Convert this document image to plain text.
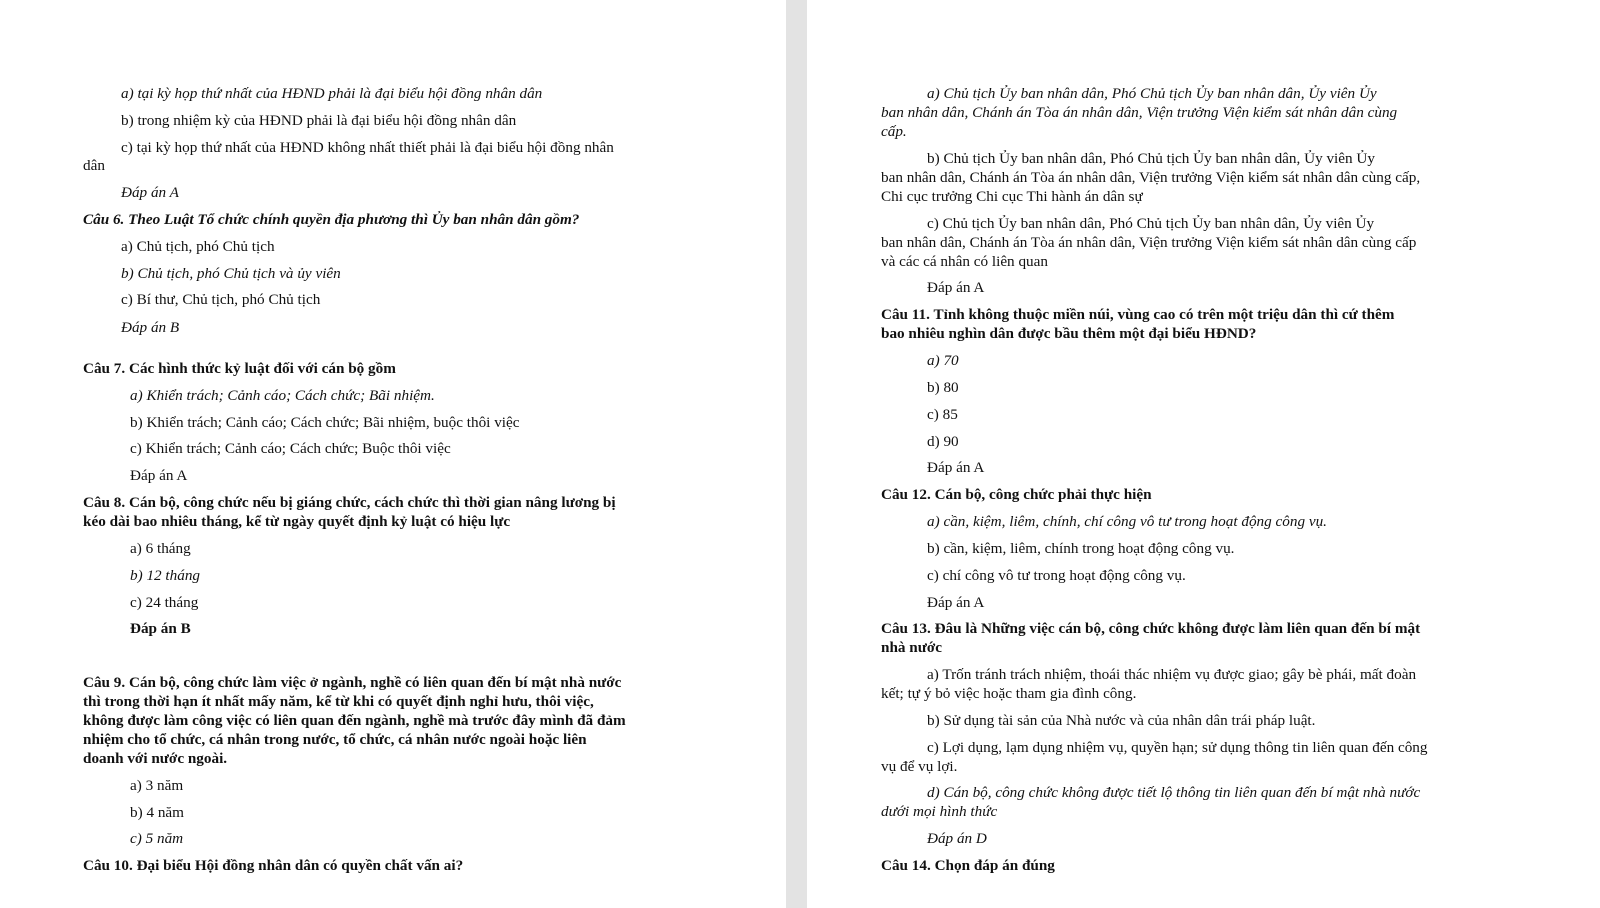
a) tại kỳ họp thứ nhất của HĐND phải là đại biểu hội đồng nhân dân
b) trong nhiệm kỳ của HĐND phải là đại biểu hội đồng nhân dân
c) tại kỳ họp thứ nhất của HĐND không nhất thiết phải là đại biểu hội đồng nhân
dân
Đáp án A
Câu 6. Theo Luật Tổ chức chính quyền địa phương thì Ủy ban nhân dân gồm?
a) Chủ tịch, phó Chủ tịch
b) Chủ tịch, phó Chủ tịch và ủy viên
c) Bí thư, Chủ tịch, phó Chủ tịch
Đáp án B
Câu 7. Các hình thức kỷ luật đối với cán bộ gồm
a) Khiển trách; Cảnh cáo; Cách chức; Bãi nhiệm.
b) Khiển trách; Cảnh cáo; Cách chức; Bãi nhiệm, buộc thôi việc
c) Khiển trách; Cảnh cáo; Cách chức; Buộc thôi việc
Đáp án A
Câu 8. Cán bộ, công chức nếu bị giáng chức, cách chức thì thời gian nâng lương bị
kéo dài bao nhiêu tháng, kể từ ngày quyết định kỷ luật có hiệu lực
a) 6 tháng
b) 12 tháng
c) 24 tháng
Đáp án B
Câu 9. Cán bộ, công chức làm việc ở ngành, nghề có liên quan đến bí mật nhà nước
thì trong thời hạn ít nhất mấy năm, kể từ khi có quyết định nghỉ hưu, thôi việc,
không được làm công việc có liên quan đến ngành, nghề mà trước đây mình đã đảm
nhiệm cho tổ chức, cá nhân trong nước, tổ chức, cá nhân nước ngoài hoặc liên
doanh với nước ngoài.
a) 3 năm
b) 4 năm
c) 5 năm
Câu 10. Đại biểu Hội đồng nhân dân có quyền chất vấn ai?
a) Chủ tịch Ủy ban nhân dân, Phó Chủ tịch Ủy ban nhân dân, Ủy viên Ủy
ban nhân dân, Chánh án Tòa án nhân dân, Viện trưởng Viện kiểm sát nhân dân cùng
cấp.
b) Chủ tịch Ủy ban nhân dân, Phó Chủ tịch Ủy ban nhân dân, Ủy viên Ủy
ban nhân dân, Chánh án Tòa án nhân dân, Viện trưởng Viện kiểm sát nhân dân cùng cấp,
Chi cục trưởng Chi cục Thi hành án dân sự
c) Chủ tịch Ủy ban nhân dân, Phó Chủ tịch Ủy ban nhân dân, Ủy viên Ủy
ban nhân dân, Chánh án Tòa án nhân dân, Viện trưởng Viện kiểm sát nhân dân cùng cấp
và các cá nhân có liên quan
Đáp án A
Câu 11. Tỉnh không thuộc miền núi, vùng cao có trên một triệu dân thì cứ thêm
bao nhiêu nghìn dân được bầu thêm một đại biểu HĐND?
a) 70
b) 80
c) 85
d) 90
Đáp án A
Câu 12. Cán bộ, công chức phải thực hiện
a) cần, kiệm, liêm, chính, chí công vô tư trong hoạt động công vụ.
b) cần, kiệm, liêm, chính trong hoạt động công vụ.
c) chí công vô tư trong hoạt động công vụ.
Đáp án A
Câu 13. Đâu là Những việc cán bộ, công chức không được làm liên quan đến bí mật
nhà nước
a) Trốn tránh trách nhiệm, thoái thác nhiệm vụ được giao; gây bè phái, mất đoàn
kết; tự ý bỏ việc hoặc tham gia đình công.
b) Sử dụng tài sản của Nhà nước và của nhân dân trái pháp luật.
c) Lợi dụng, lạm dụng nhiệm vụ, quyền hạn; sử dụng thông tin liên quan đến công
vụ để vụ lợi.
d) Cán bộ, công chức không được tiết lộ thông tin liên quan đến bí mật nhà nước
dưới mọi hình thức
Đáp án D
Câu 14. Chọn đáp án đúng
